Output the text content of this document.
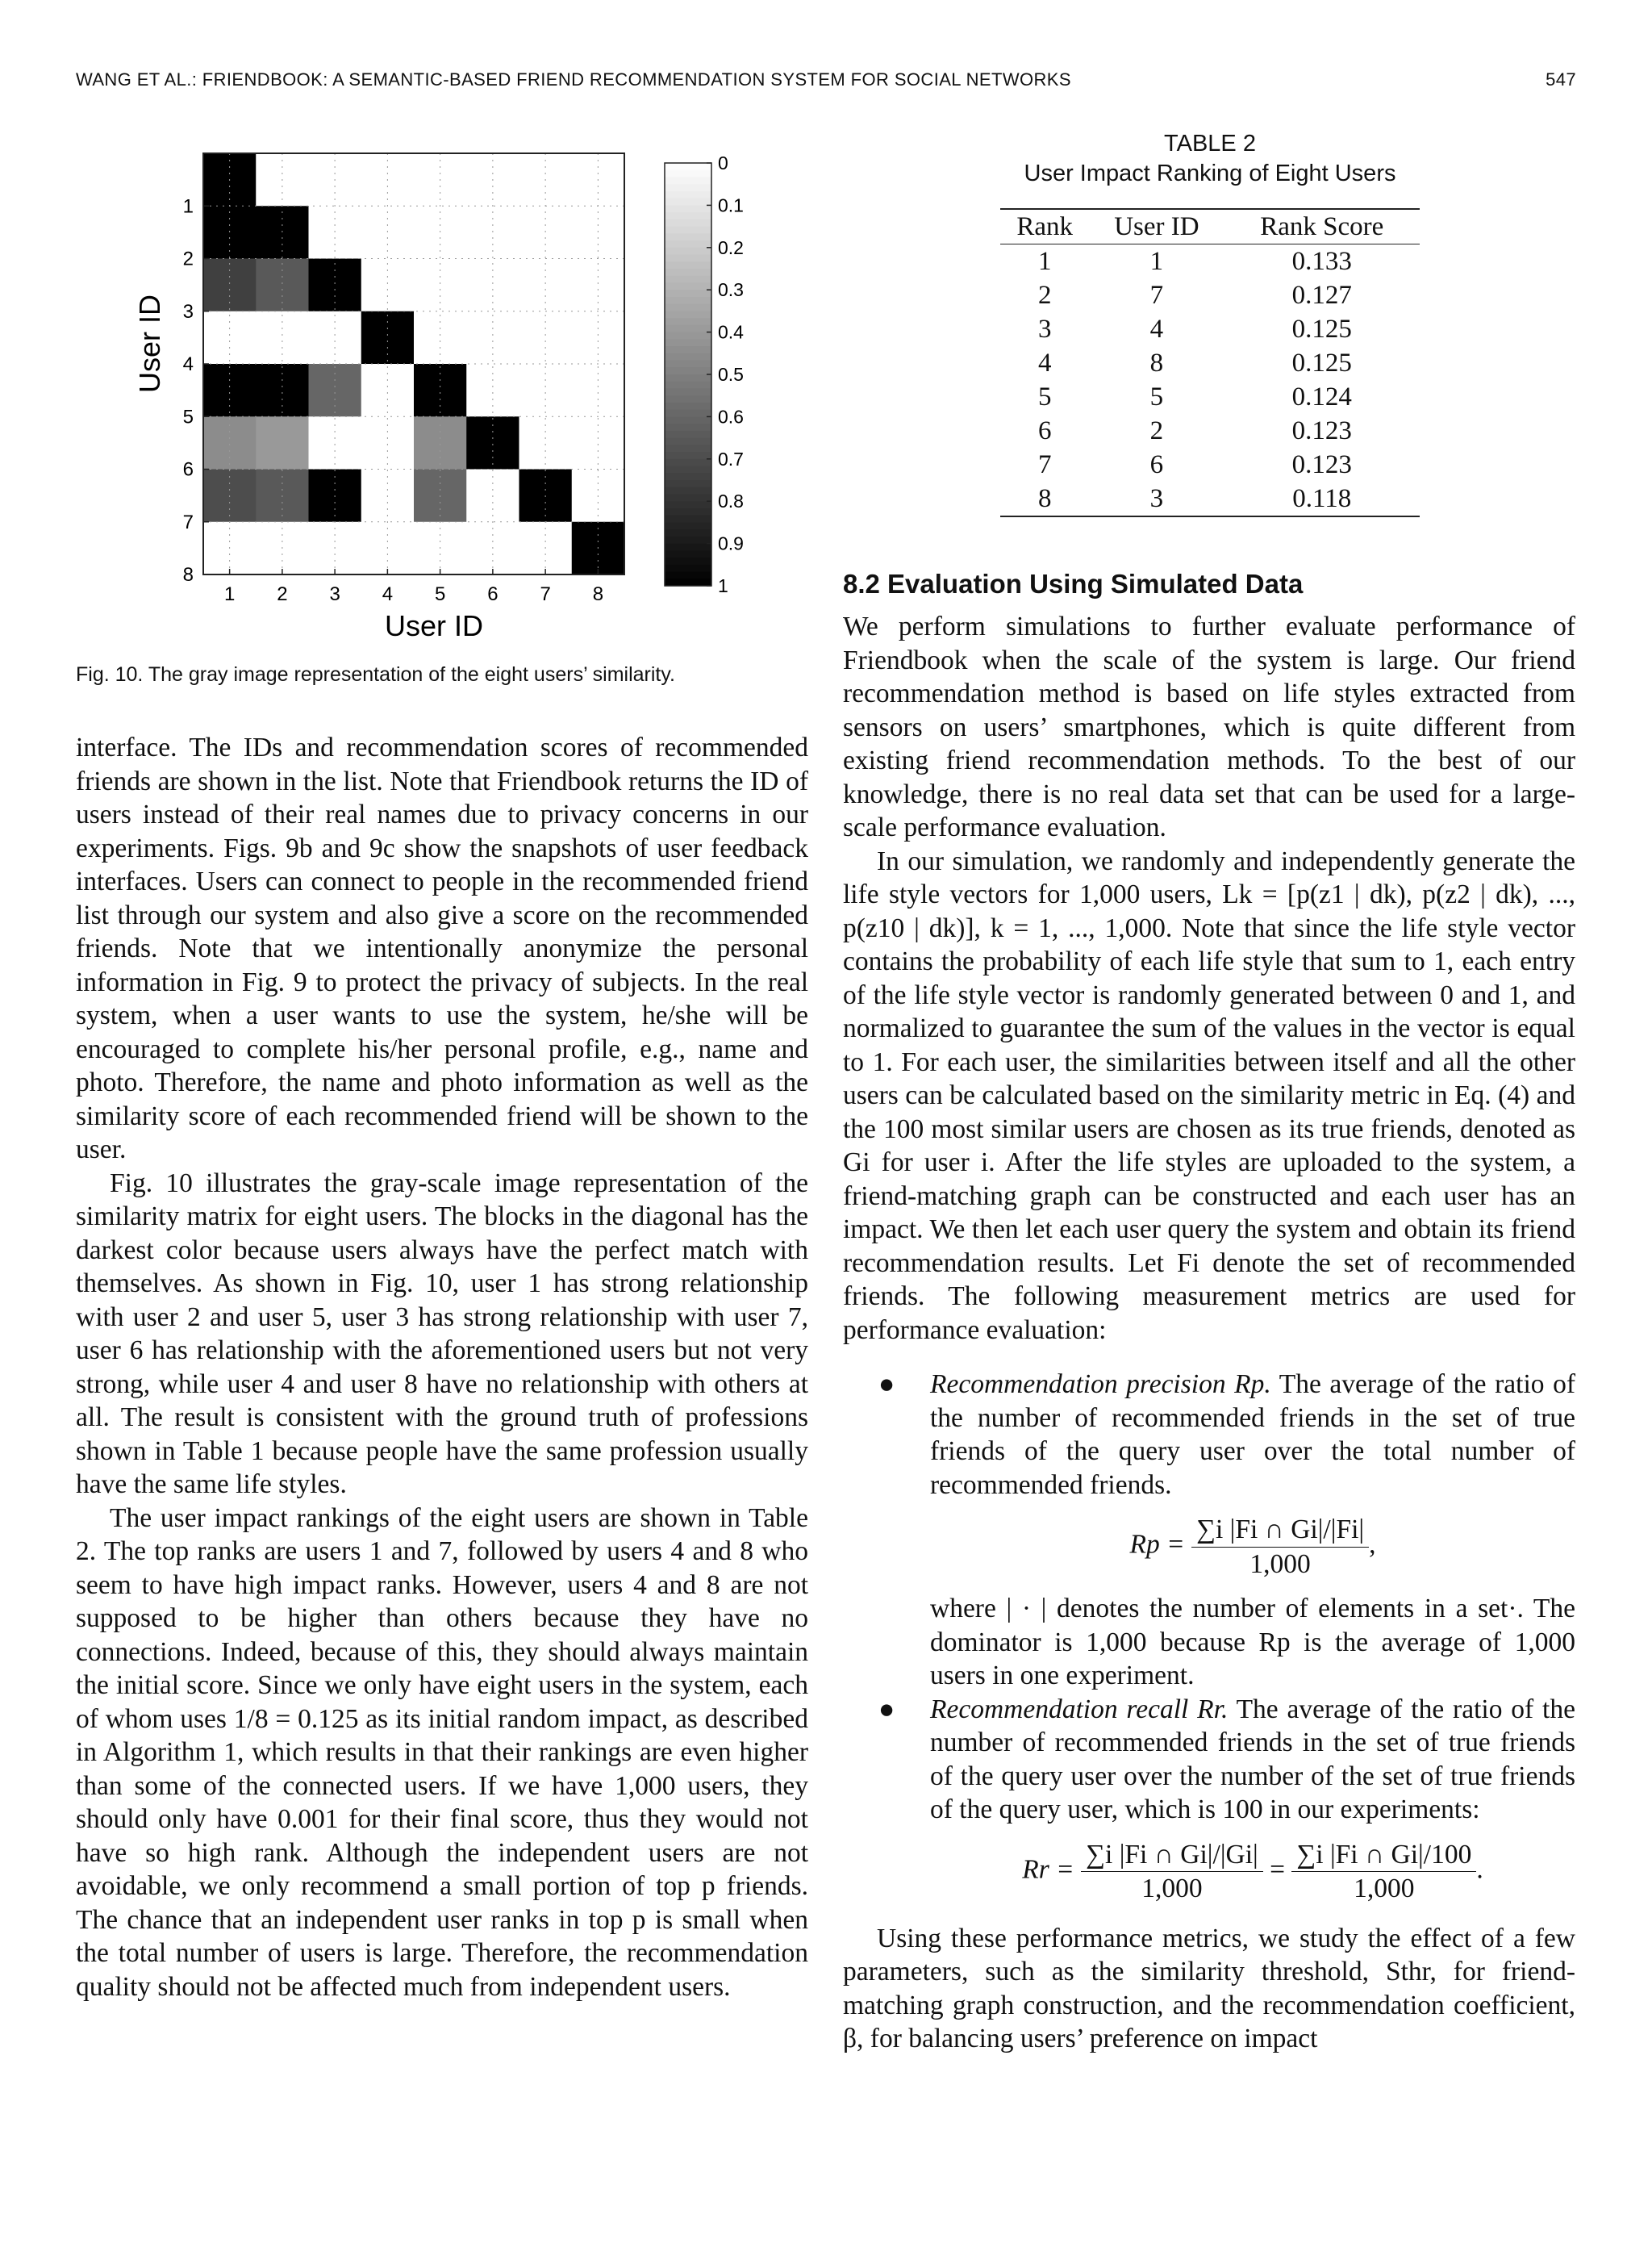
WANG ET AL.: FRIENDBOOK: A SEMANTIC-BASED FRIEND RECOMMENDATION SYSTEM FOR SOCIAL NETWORKS	547
1 2 3 4 5 6 7 8
1
2
3
4
5
6
7
8
User ID
User ID
0
0.1
0.2
0.3
0.4
0.5
0.6
0.7
0.8
0.9
1
Fig. 10. The gray image representation of the eight users’ similarity.
TABLE 2
User Impact Ranking of Eight Users
Rank	User ID	Rank Score
1	1	0.133
2	7	0.127
3	4	0.125
4	8	0.125
5	5	0.124
6	2	0.123
7	6	0.123
8	3	0.118

interface. The IDs and recommendation scores of recommended friends are shown in the list. Note that Friendbook returns the ID of users instead of their real names due to privacy concerns in our experiments. Figs. 9b and 9c show the snapshots of user feedback interfaces. Users can connect to people in the recommended friend list through our system and also give a score on the recommended friends. Note that we intentionally anonymize the personal information in Fig. 9 to protect the privacy of subjects. In the real system, when a user wants to use the system, he/she will be encouraged to complete his/her personal profile, e.g., name and photo. Therefore, the name and photo information as well as the similarity score of each recommended friend will be shown to the user.

Fig. 10 illustrates the gray-scale image representation of the similarity matrix for eight users. The blocks in the diagonal has the darkest color because users always have the perfect match with themselves. As shown in Fig. 10, user 1 has strong relationship with user 2 and user 5, user 3 has strong relationship with user 7, user 6 has relationship with the aforementioned users but not very strong, while user 4 and user 8 have no relationship with others at all. The result is consistent with the ground truth of professions shown in Table 1 because people have the same profession usually have the same life styles.

The user impact rankings of the eight users are shown in Table 2. The top ranks are users 1 and 7, followed by users 4 and 8 who seem to have high impact ranks. However, users 4 and 8 are not supposed to be higher than others because they have no connections. Indeed, because of this, they should always maintain the initial score. Since we only have eight users in the system, each of whom uses 1/8 = 0.125 as its initial random impact, as described in Algorithm 1, which results in that their rankings are even higher than some of the connected users. If we have 1,000 users, they should only have 0.001 for their final score, thus they would not have so high rank. Although the independent users are not avoidable, we only recommend a small portion of top p friends. The chance that an independent user ranks in top p is small when the total number of users is large. Therefore, the recommendation quality should not be affected much from independent users.

8.2 Evaluation Using Simulated Data

We perform simulations to further evaluate performance of Friendbook when the scale of the system is large. Our friend recommendation method is based on life styles extracted from sensors on users’ smartphones, which is quite different from existing friend recommendation methods. To the best of our knowledge, there is no real data set that can be used for a large-scale performance evaluation.

In our simulation, we randomly and independently generate the life style vectors for 1,000 users, Lk = [p(z1 | dk), p(z2 | dk), ..., p(z10 | dk)], k = 1, ..., 1,000. Note that since the life style vector contains the probability of each life style that sum to 1, each entry of the life style vector is randomly generated between 0 and 1, and normalized to guarantee the sum of the values in the vector is equal to 1. For each user, the similarities between itself and all the other users can be calculated based on the similarity metric in Eq. (4) and the 100 most similar users are chosen as its true friends, denoted as Gi for user i. After the life styles are uploaded to the system, a friend-matching graph can be constructed and each user has an impact. We then let each user query the system and obtain its friend recommendation results. Let Fi denote the set of recommended friends. The following measurement metrics are used for performance evaluation:

● Recommendation precision Rp. The average of the ratio of the number of recommended friends in the set of true friends of the query user over the total number of recommended friends.
$Rp = \frac{\sum i |Fi \cap Gi|/|Fi|}{1,000}$ ,
where | · | denotes the number of elements in a set·. The dominator is 1,000 because Rp is the average of 1,000 users in one experiment.
● Recommendation recall Rr. The average of the ratio of the number of recommended friends in the set of true friends of the query user over the number of the set of true friends of the query user, which is 100 in our experiments:
$Rr = \frac{\sum i |Fi \cap Gi|/|Gi|}{1,000} = \frac{\sum i |Fi \cap Gi|/100}{1,000}$ .

Using these performance metrics, we study the effect of a few parameters, such as the similarity threshold, Sthr, for friend-matching graph construction, and the recommendation coefficient, β, for balancing users’ preference on impact
